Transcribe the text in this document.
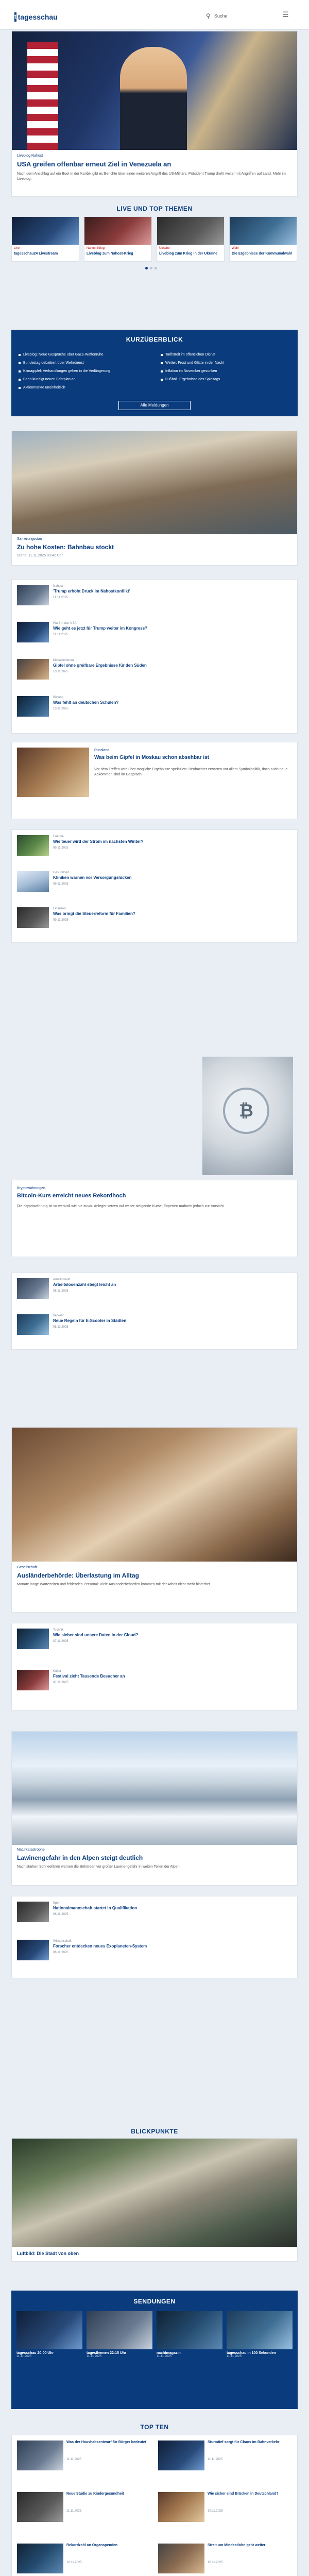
t tagesschau	⚲ Suche	☰
Liveblog Nahost
USA greifen offenbar erneut Ziel in Venezuela an
Nach dem Anschlag auf ein Boot in der Karibik gibt es Berichte über einen weiteren Angriff des US-Militärs. Präsident Trump droht weiter mit Angriffen auf Land. Mehr im Liveblog.
LIVE UND TOP THEMEN
Live
tagesschau24 Livestream
Nahost-Krieg
Liveblog zum Nahost-Krieg
Ukraine
Liveblog zum Krieg in der Ukraine
Wahl
Die Ergebnisse der Kommunalwahl
KURZÜBERBLICK
Liveblog: Neue Gespräche über Gaza-Waffenruhe
Bundestag debattiert über Wehrdienst
Klimagipfel: Verhandlungen gehen in die Verlängerung
Bahn kündigt neuen Fahrplan an
Aktienmärkte uneinheitlich
Tarifstreit im öffentlichen Dienst
Wetter: Frost und Glätte in der Nacht
Inflation im November gesunken
Fußball: Ergebnisse des Spieltags
Alle Meldungen
Sanierungsstau
Zu hohe Kosten: Bahnbau stockt
Stand: 11.11.2025 09:42 Uhr
Nahost
'Trump erhöht Druck im Nahostkonflikt'
11.11.2025
Wahl in den USA
Wie geht es jetzt für Trump weiter im Kongress?
11.11.2025
Klimakonferenz
Gipfel ohne greifbare Ergebnisse für den Süden
10.11.2025
Bildung
Was fehlt an deutschen Schulen?
10.11.2025
Russland
Was beim Gipfel in Moskau schon absehbar ist
Vor dem Treffen wird über mögliche Ergebnisse spekuliert. Beobachter erwarten vor allem Symbolpolitik, doch auch neue Abkommen sind im Gespräch.
Energie
Wie teuer wird der Strom im nächsten Winter?
09.11.2025
Gesundheit
Kliniken warnen vor Versorgungslücken
09.11.2025
Finanzen
Was bringt die Steuerreform für Familien?
09.11.2025
₿
Kryptowährungen
Bitcoin-Kurs erreicht neues Rekordhoch
Die Kryptowährung ist so wertvoll wie nie zuvor. Anleger setzen auf weiter steigende Kurse, Experten mahnen jedoch zur Vorsicht.
Arbeitsmarkt
Arbeitslosenzahl steigt leicht an
08.11.2025
Verkehr
Neue Regeln für E-Scooter in Städten
08.11.2025
Gesellschaft
Ausländerbehörde: Überlastung im Alltag
Monate lange Wartezeiten und fehlendes Personal: Viele Ausländerbehörden kommen mit der Arbeit nicht mehr hinterher.
Technik
Wie sicher sind unsere Daten in der Cloud?
07.11.2025
Kultur
Festival zieht Tausende Besucher an
07.11.2025
Naturkatastrophe
Lawinengefahr in den Alpen steigt deutlich
Nach starken Schneefällen warnen die Behörden vor großer Lawinengefahr in weiten Teilen der Alpen.
Sport
Nationalmannschaft startet in Qualifikation
06.11.2025
Wissenschaft
Forscher entdecken neues Exoplaneten-System
06.11.2025
BLICKPUNKTE
Luftbild: Die Stadt von oben
SENDUNGEN
tagesschau 20:00 Uhr
11.11.2025
tagesthemen 22:15 Uhr
11.11.2025
nachtmagazin
11.11.2025
tagesschau in 100 Sekunden
11.11.2025
TOP TEN
Was der Haushaltsentwurf für Bürger bedeutet
11.11.2025
Sturmtief sorgt für Chaos im Bahnverkehr
11.11.2025
Neue Studie zu Kindergesundheit
11.11.2025
Wie sicher sind Brücken in Deutschland?
10.11.2025
Rekordzahl an Organspenden
10.11.2025
Streit um Mindestlohn geht weiter
10.11.2025
